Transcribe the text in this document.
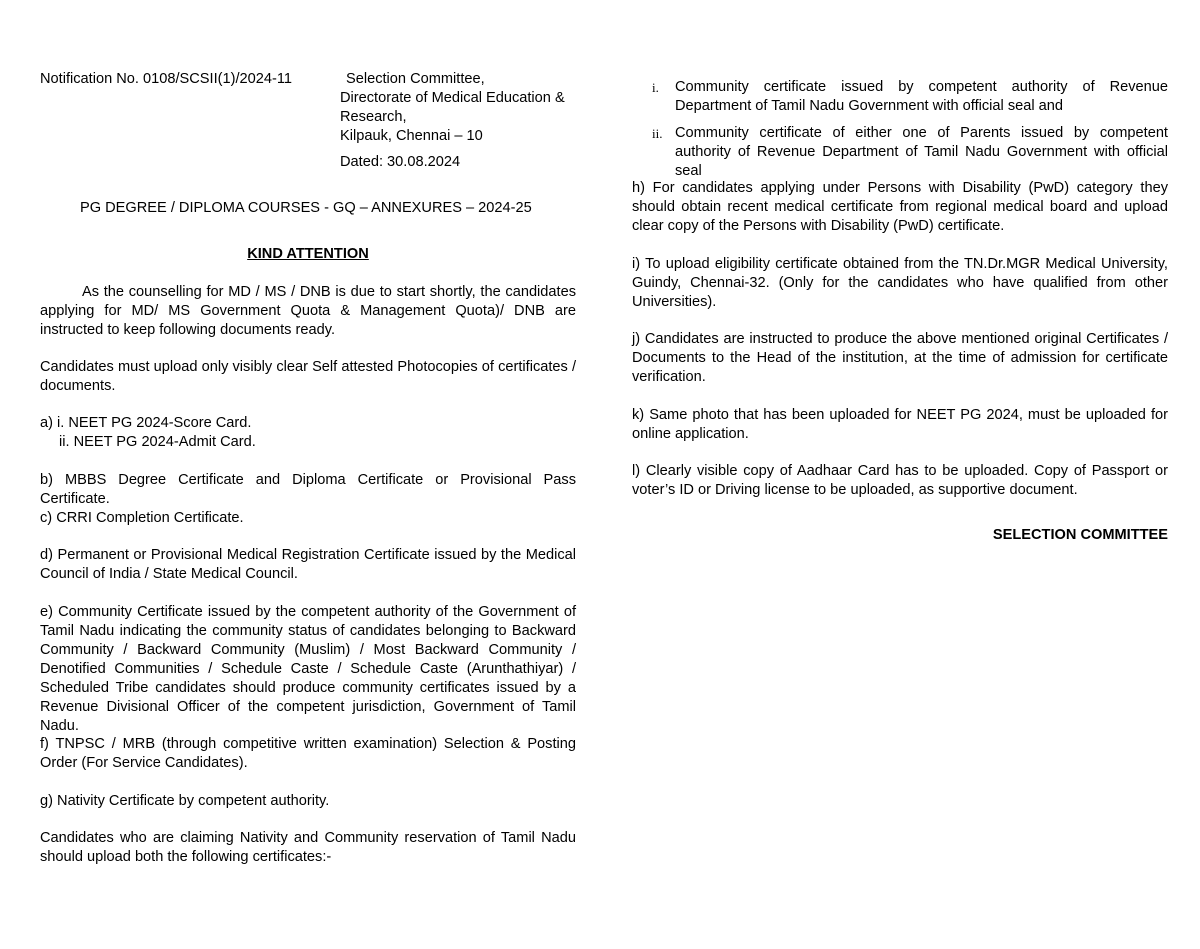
Notification No. 0108/SCSII(1)/2024-11	Selection Committee,
Directorate of Medical Education &
Research,
Kilpauk, Chennai – 10

Dated: 30.08.2024

PG DEGREE / DIPLOMA COURSES - GQ – ANNEXURES – 2024-25

KIND ATTENTION

As the counselling for MD / MS / DNB is due to start shortly, the candidates applying for MD/ MS Government Quota & Management Quota)/ DNB are instructed to keep following documents ready.

Candidates must upload only visibly clear Self attested Photocopies of certificates / documents.

a) i. NEET PG 2024-Score Card.
ii. NEET PG 2024-Admit Card.

b) MBBS Degree Certificate and Diploma Certificate or Provisional Pass Certificate.

c) CRRI Completion Certificate.

d) Permanent or Provisional Medical Registration Certificate issued by the Medical Council of India / State Medical Council.

e) Community Certificate issued by the competent authority of the Government of Tamil Nadu indicating the community status of candidates belonging to Backward Community / Backward Community (Muslim) / Most Backward Community / Denotified Communities / Schedule Caste / Schedule Caste (Arunthathiyar) / Scheduled Tribe candidates should produce community certificates issued by a Revenue Divisional Officer of the competent jurisdiction, Government of Tamil Nadu.

f) TNPSC / MRB (through competitive written examination) Selection & Posting Order (For Service Candidates).

g) Nativity Certificate by competent authority.

Candidates who are claiming Nativity and Community reservation of Tamil Nadu should upload both the following certificates:-

i.	Community certificate issued by competent authority of Revenue Department of Tamil Nadu Government with official seal and
ii. Community certificate of either one of Parents issued by competent authority of Revenue Department of Tamil Nadu Government with official seal

h) For candidates applying under Persons with Disability (PwD) category they should obtain recent medical certificate from regional medical board and upload clear copy of the Persons with Disability (PwD) certificate.

i) To upload eligibility certificate obtained from the TN.Dr.MGR Medical University, Guindy, Chennai-32. (Only for the candidates who have qualified from other Universities).

j) Candidates are instructed to produce the above mentioned original Certificates / Documents to the Head of the institution, at the time of admission for certificate verification.

k) Same photo that has been uploaded for NEET PG 2024, must be uploaded for online application.

l) Clearly visible copy of Aadhaar Card has to be uploaded. Copy of Passport or voter’s ID or Driving license to be uploaded, as supportive document.

SELECTION COMMITTEE
